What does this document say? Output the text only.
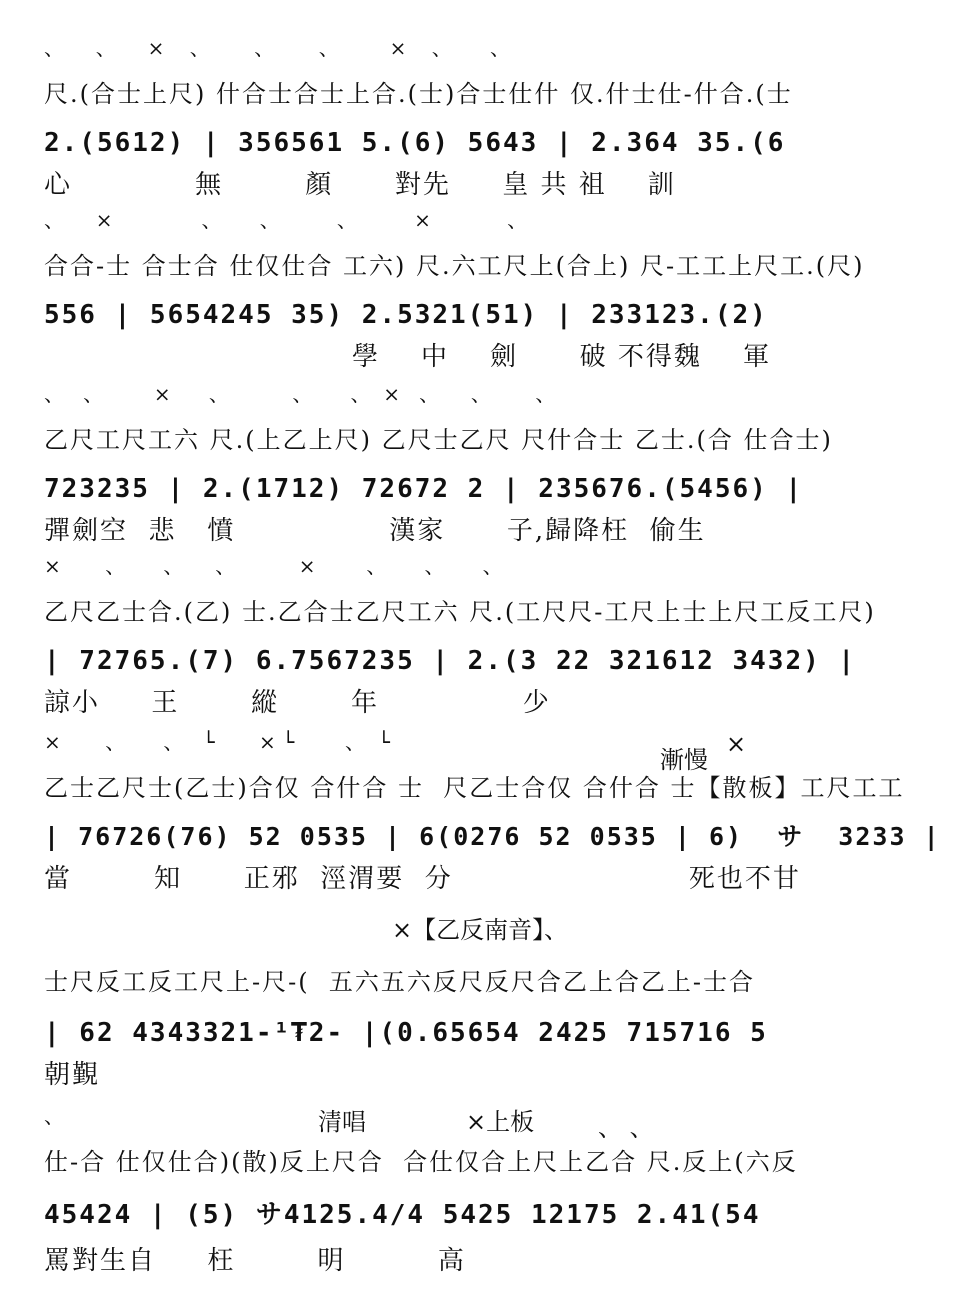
、     、     ×    、       、       、        ×    、      、
尺.(合士上尺) 什合士合士上合.(士)合士仕什 仅.什士仕-什合.(士
2.(5612) | 356561 5.(6) 5643 | 2.364 35.(6
心            無        顏      對先     皇 共 祖    訓
、     ×              、      、         、         ×            、
合合-士 合士合 仕仅仕合 工六) 尺.六工尺上(合上) 尺-工工上尺工.(尺)
556 | 5654245 35) 2.5321(51) | 233123.(2)
學    中    劍      破 不得魏    軍
、   、        ×      、          、      、  ×   、     、       、
乙尺工尺工六 尺.(上乙上尺) 乙尺士乙尺 尺什合士 乙士.(合 仕合士)
723235 | 2.(1712) 72672 2 | 235676.(5456) |
彈劍空  悲   憤               漢家      子,歸降枉  偷生
×       、      、     、          ×        、      、      、
乙尺乙士合.(乙) 士.乙合士乙尺工六 尺.(工尺尺-工尺上士上尺工反工尺)
| 72765.(7) 6.7567235 | 2.(3 22 321612 3432) |
諒小     王       縱       年              少
×       、      、   └       × └        、  └
漸慢
×
乙士乙尺士(乙士)合仅 合什合 士  尺乙士合仅 合什合 士【散板】工尺工工
| 76726(76) 52 0535 | 6(0276 52 0535 | 6)  サ  3233 |
當        知      正邪  涇渭要  分                       死也不甘
×【乙反南音】、
士尺反工反工尺上-尺-(  五六五六反尺反尺合乙上合乙上-士合
| 62 4343321-¹₮2- |(0.65654 2425 715716 5
朝覲
、	清唱	×上板	、 、
仕-合 仕仅仕合)(散)反上尺合  合仕仅合上尺上乙合 尺.反上(六反
45424 | (5) サ4125.4/4 5425 12175 2.41(54
罵對生自     枉        明         高
